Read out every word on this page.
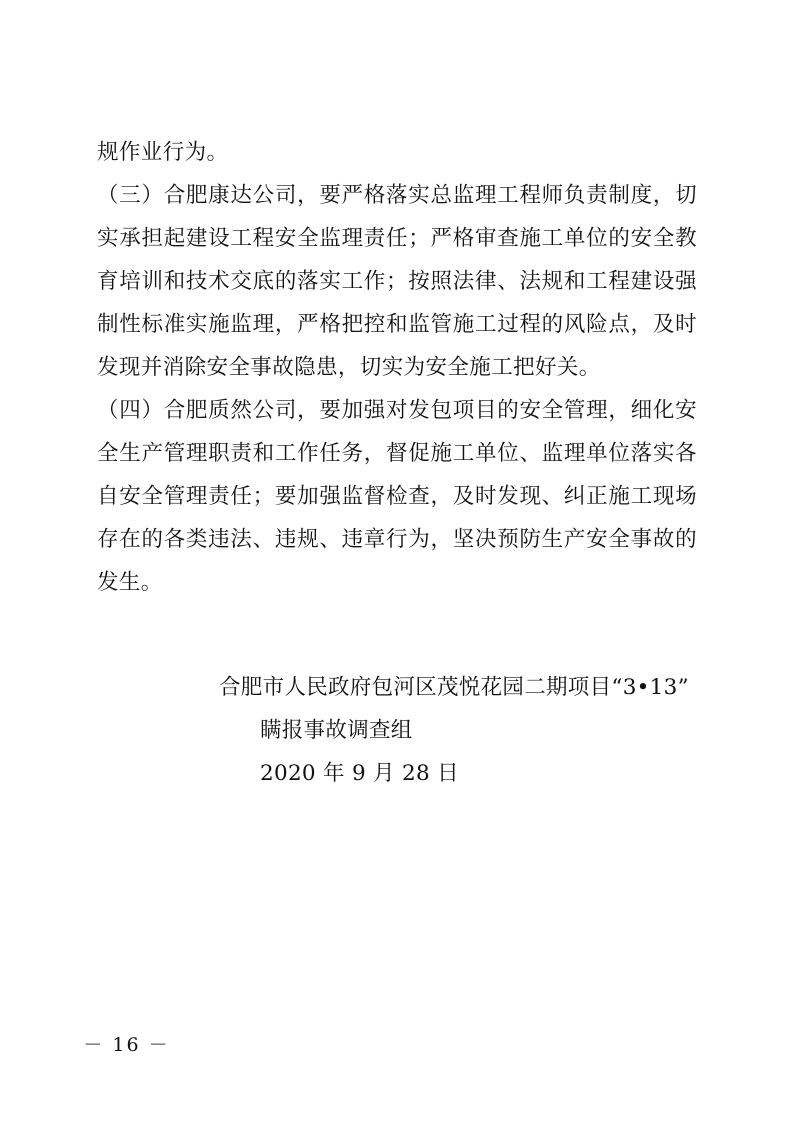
规作业行为。

（三）合肥康达公司，要严格落实总监理工程师负责制度，切实承担起建设工程安全监理责任；严格审查施工单位的安全教育培训和技术交底的落实工作；按照法律、法规和工程建设强制性标准实施监理，严格把控和监管施工过程的风险点，及时发现并消除安全事故隐患，切实为安全施工把好关。

（四）合肥质然公司，要加强对发包项目的安全管理，细化安全生产管理职责和工作任务，督促施工单位、监理单位落实各自安全管理责任；要加强监督检查，及时发现、纠正施工现场存在的各类违法、违规、违章行为，坚决预防生产安全事故的发生。

合肥市人民政府包河区茂悦花园二期项目“3•13”
瞒报事故调查组
2020 年 9 月 28 日
－ 16 －
